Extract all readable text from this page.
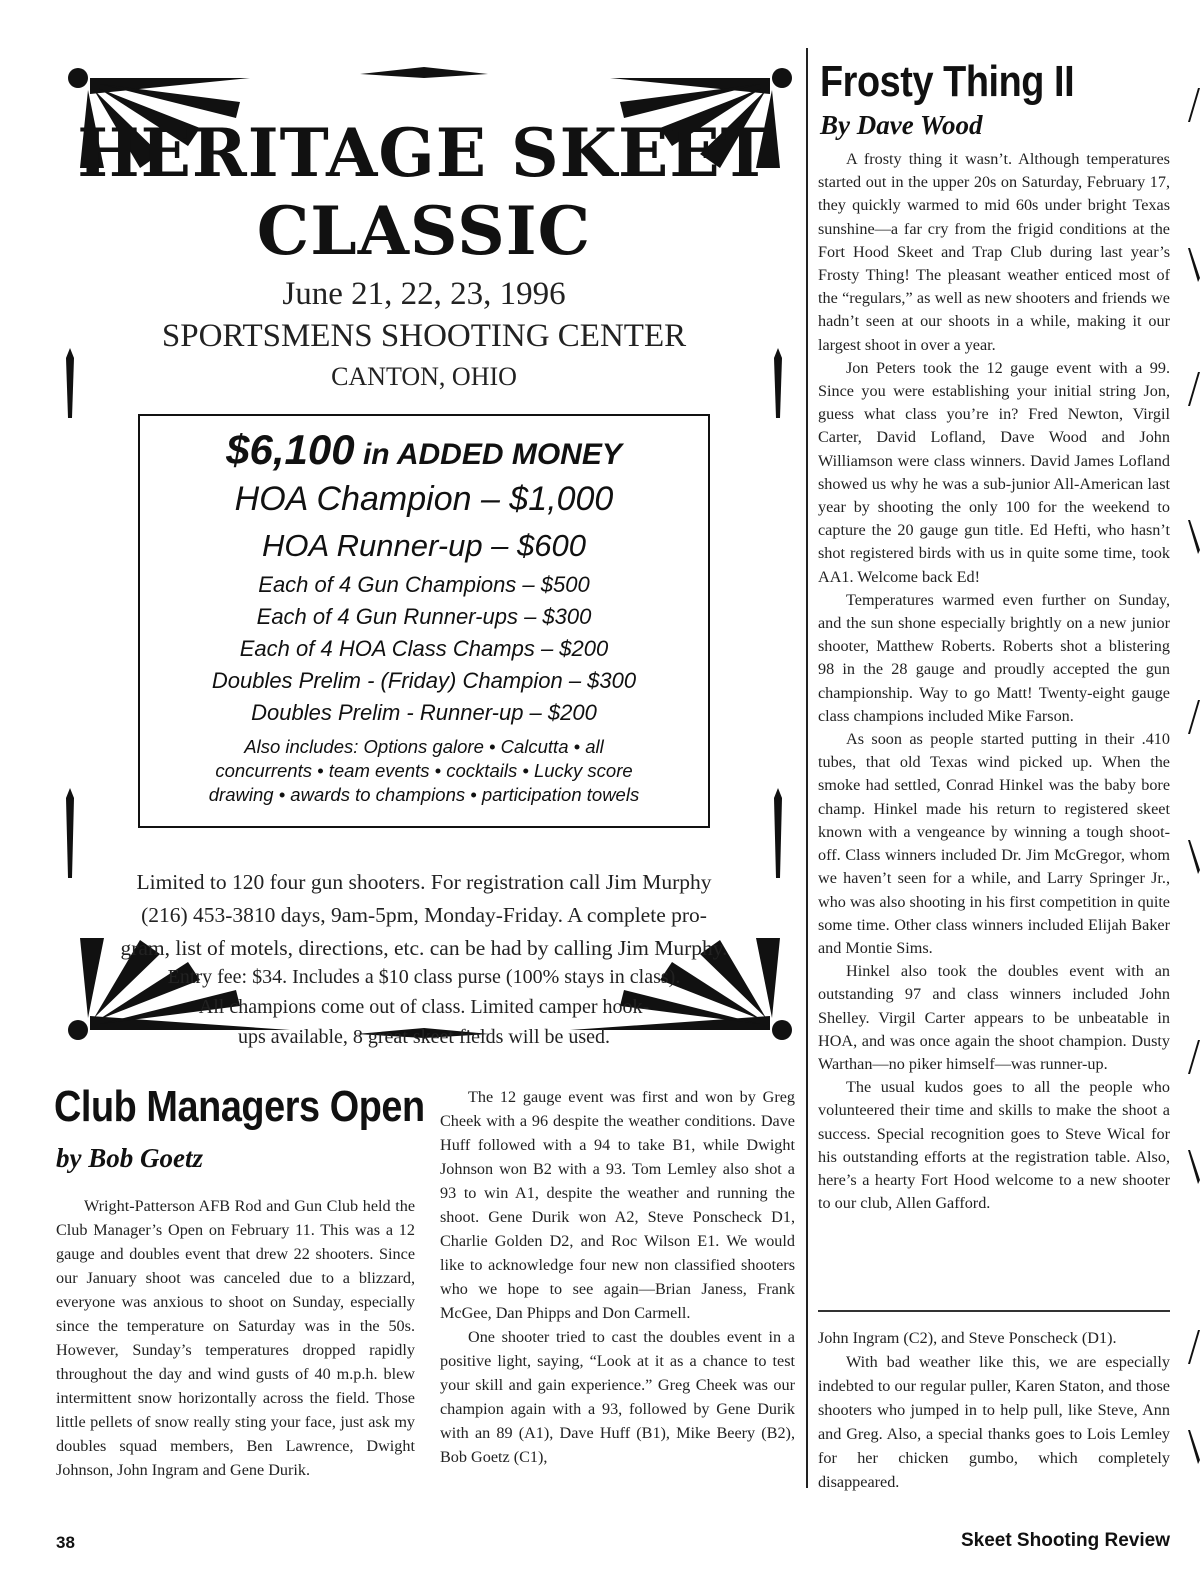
HERITAGE SKEET
CLASSIC
June 21, 22, 23, 1996
SPORTSMENS SHOOTING CENTER
CANTON, OHIO
$6,100 in ADDED MONEY
HOA Champion – $1,000
HOA Runner-up – $600
Each of 4 Gun Champions – $500
Each of 4 Gun Runner-ups – $300
Each of 4 HOA Class Champs – $200
Doubles Prelim - (Friday) Champion – $300
Doubles Prelim - Runner-up – $200
Also includes: Options galore • Calcutta • all
concurrents • team events • cocktails • Lucky score
drawing • awards to champions • participation towels
Limited to 120 four gun shooters. For registration call Jim Murphy
(216) 453-3810 days, 9am-5pm, Monday-Friday. A complete pro-
gram, list of motels, directions, etc. can be had by calling Jim Murphy.
Entry fee: $34. Includes a $10 class purse (100% stays in class).
All champions come out of class. Limited camper hook-
ups available, 8 great skeet fields will be used.
Club Managers Open
by Bob Goetz

Wright-Patterson AFB Rod and Gun Club held the Club Manager’s Open on February 11. This was a 12 gauge and doubles event that drew 22 shooters. Since our January shoot was canceled due to a blizzard, everyone was anxious to shoot on Sunday, especially since the temperature on Saturday was in the 50s. However, Sunday’s temperatures dropped rapidly throughout the day and wind gusts of 40 m.p.h. blew intermittent snow horizontally across the field. Those little pellets of snow really sting your face, just ask my doubles squad members, Ben Lawrence, Dwight Johnson, John Ingram and Gene Durik.

The 12 gauge event was first and won by Greg Cheek with a 96 despite the weather conditions. Dave Huff followed with a 94 to take B1, while Dwight Johnson won B2 with a 93. Tom Lemley also shot a 93 to win A1, despite the weather and running the shoot. Gene Durik won A2, Steve Ponscheck D1, Charlie Golden D2, and Roc Wilson E1. We would like to acknowledge four new non classified shooters who we hope to see again—Brian Janess, Frank McGee, Dan Phipps and Don Carmell.

One shooter tried to cast the doubles event in a positive light, saying, “Look at it as a chance to test your skill and gain experience.” Greg Cheek was our champion again with a 93, followed by Gene Durik with an 89 (A1), Dave Huff (B1), Mike Beery (B2), Bob Goetz (C1),

Frosty Thing II
By Dave Wood

A frosty thing it wasn’t. Although temperatures started out in the upper 20s on Saturday, February 17, they quickly warmed to mid 60s under bright Texas sunshine—a far cry from the frigid conditions at the Fort Hood Skeet and Trap Club during last year’s Frosty Thing! The pleasant weather enticed most of the “regulars,” as well as new shooters and friends we hadn’t seen at our shoots in a while, making it our largest shoot in over a year.

Jon Peters took the 12 gauge event with a 99. Since you were establishing your initial string Jon, guess what class you’re in? Fred Newton, Virgil Carter, David Lofland, Dave Wood and John Williamson were class winners. David James Lofland showed us why he was a sub-junior All-American last year by shooting the only 100 for the weekend to capture the 20 gauge gun title. Ed Hefti, who hasn’t shot registered birds with us in quite some time, took AA1. Welcome back Ed!

Temperatures warmed even further on Sunday, and the sun shone especially brightly on a new junior shooter, Matthew Roberts. Roberts shot a blistering 98 in the 28 gauge and proudly accepted the gun championship. Way to go Matt! Twenty-eight gauge class champions included Mike Farson.

As soon as people started putting in their .410 tubes, that old Texas wind picked up. When the smoke had settled, Conrad Hinkel was the baby bore champ. Hinkel made his return to registered skeet known with a vengeance by winning a tough shoot-off. Class winners included Dr. Jim McGregor, whom we haven’t seen for a while, and Larry Springer Jr., who was also shooting in his first competition in quite some time. Other class winners included Elijah Baker and Montie Sims.

Hinkel also took the doubles event with an outstanding 97 and class winners included John Shelley. Virgil Carter appears to be unbeatable in HOA, and was once again the shoot champion. Dusty Warthan—no piker himself—was runner-up.

The usual kudos goes to all the people who volunteered their time and skills to make the shoot a success. Special recognition goes to Steve Wical for his outstanding efforts at the registration table. Also, here’s a hearty Fort Hood welcome to a new shooter to our club, Allen Gafford.

John Ingram (C2), and Steve Ponscheck (D1).

With bad weather like this, we are especially indebted to our regular puller, Karen Staton, and those shooters who jumped in to help pull, like Steve, Ann and Greg. Also, a special thanks goes to Lois Lemley for her chicken gumbo, which completely disappeared.

38	Skeet Shooting Review
